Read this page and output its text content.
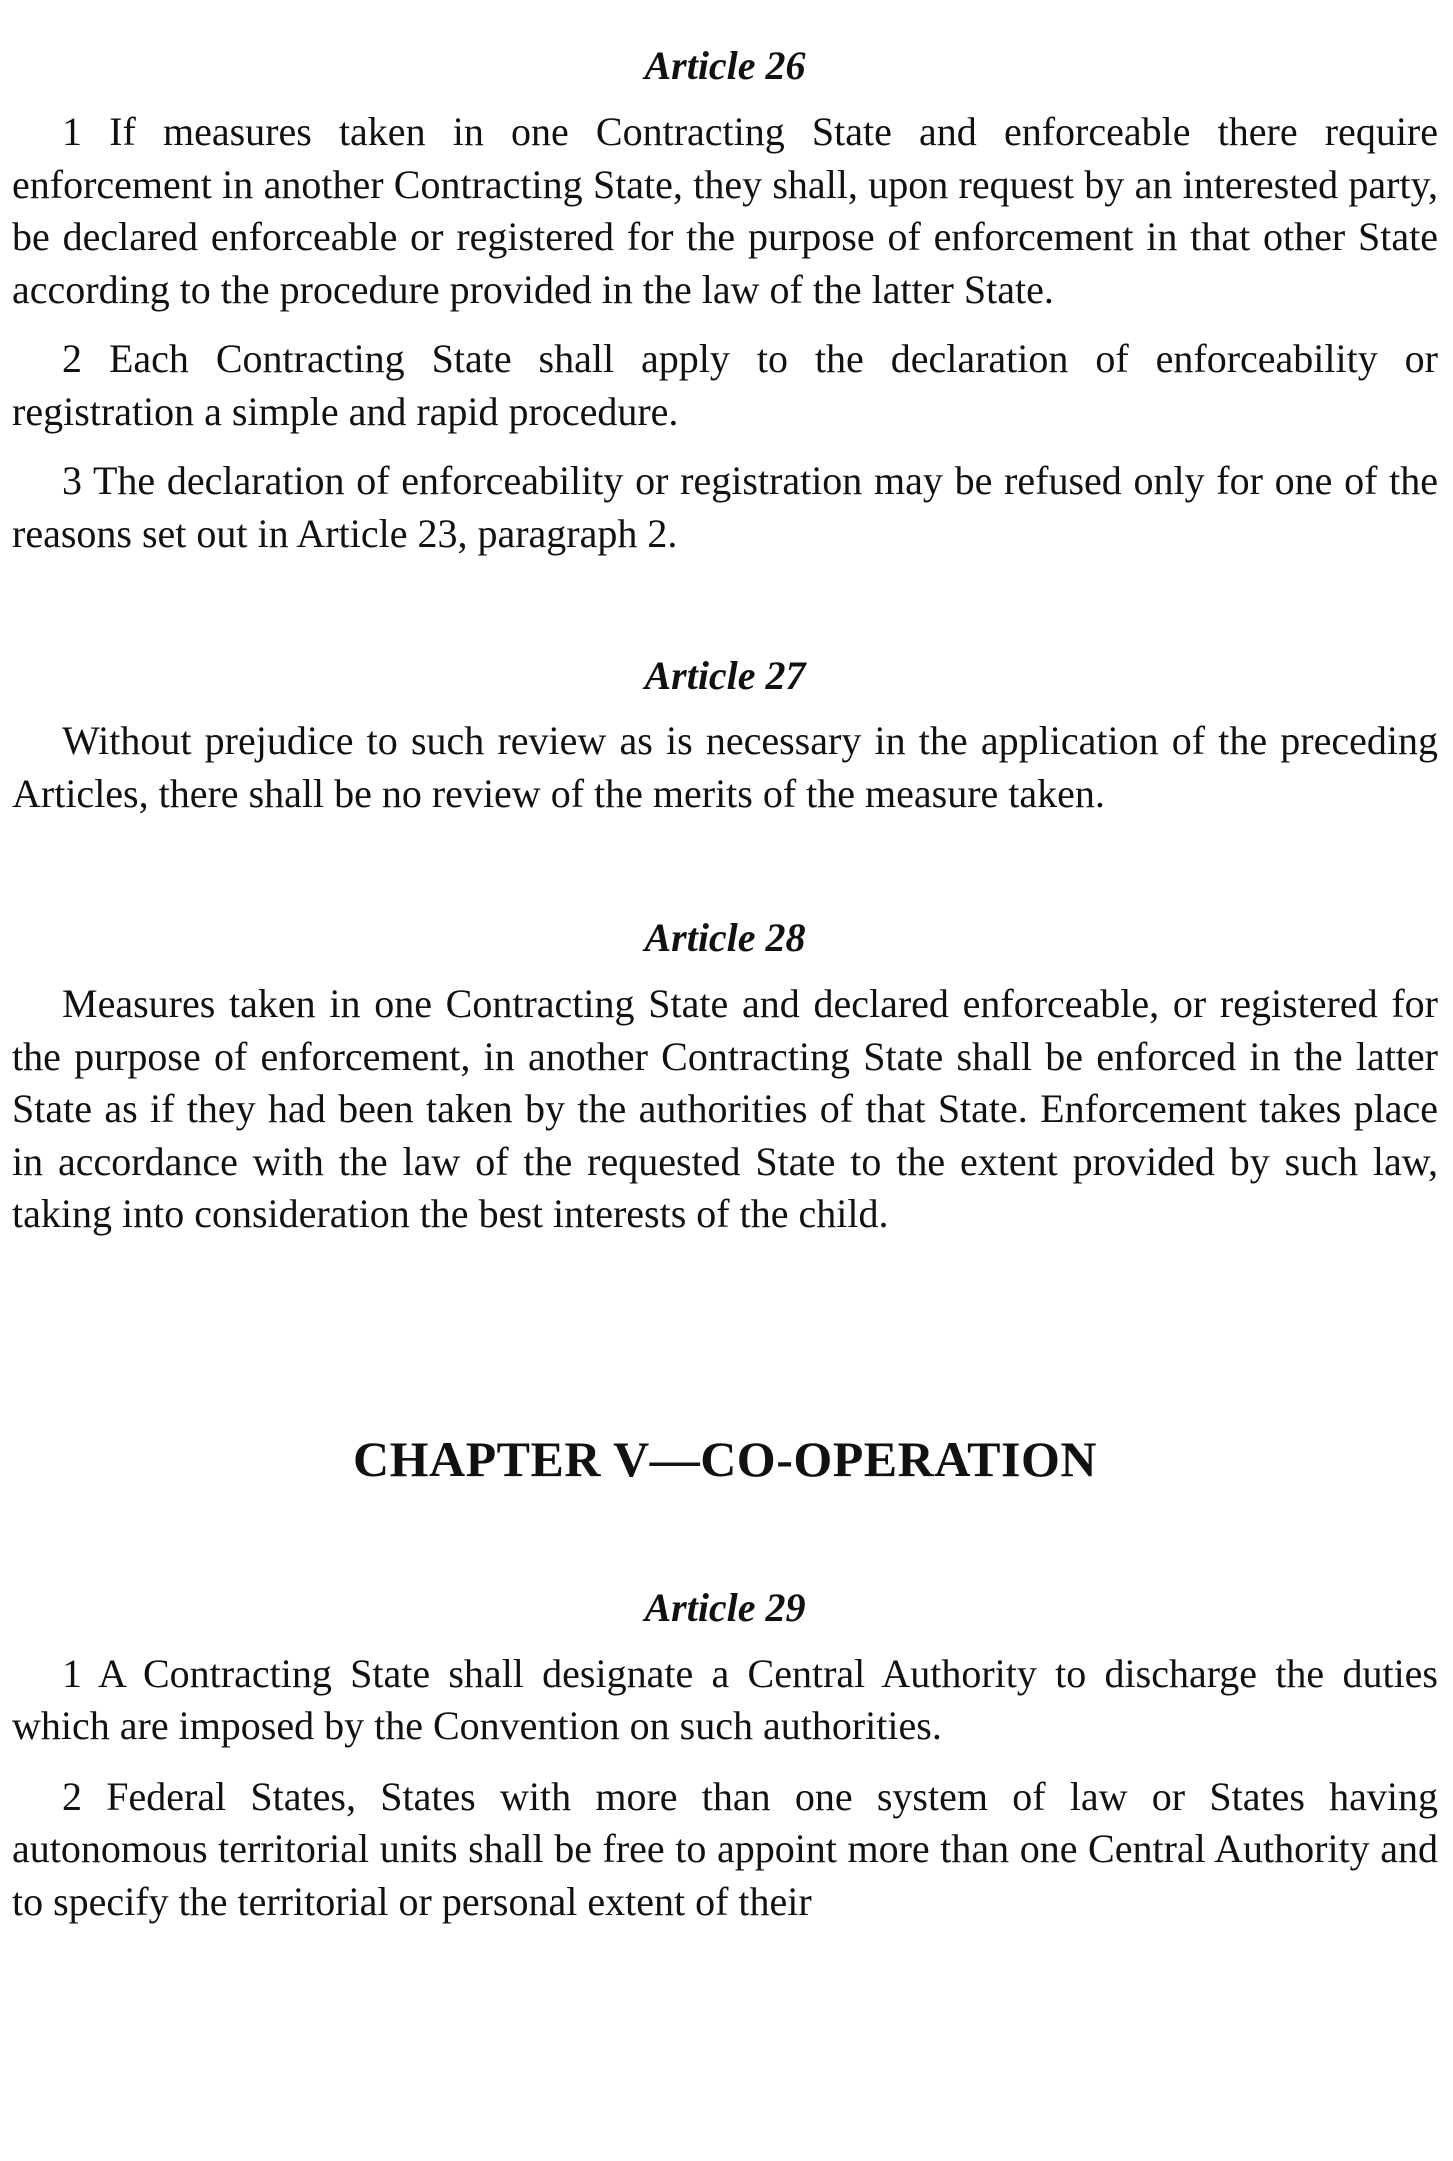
Article 26

1 If measures taken in one Contracting State and enforceable there require enforcement in another Contracting State, they shall, upon request by an interested party, be declared enforceable or registered for the purpose of enforcement in that other State according to the procedure provided in the law of the latter State.

2 Each Contracting State shall apply to the declaration of enforceability or registration a simple and rapid procedure.

3 The declaration of enforceability or registration may be refused only for one of the reasons set out in Article 23, paragraph 2.

Article 27

Without prejudice to such review as is necessary in the application of the preceding Articles, there shall be no review of the merits of the measure taken.

Article 28

Measures taken in one Contracting State and declared enforceable, or registered for the purpose of enforcement, in another Contracting State shall be enforced in the latter State as if they had been taken by the authorities of that State. Enforcement takes place in accordance with the law of the requested State to the extent provided by such law, taking into consideration the best interests of the child.

CHAPTER V—CO-OPERATION
Article 29

1 A Contracting State shall designate a Central Authority to discharge the duties which are imposed by the Convention on such authorities.

2 Federal States, States with more than one system of law or States having autonomous territorial units shall be free to appoint more than one Central Authority and to specify the territorial or personal extent of their
